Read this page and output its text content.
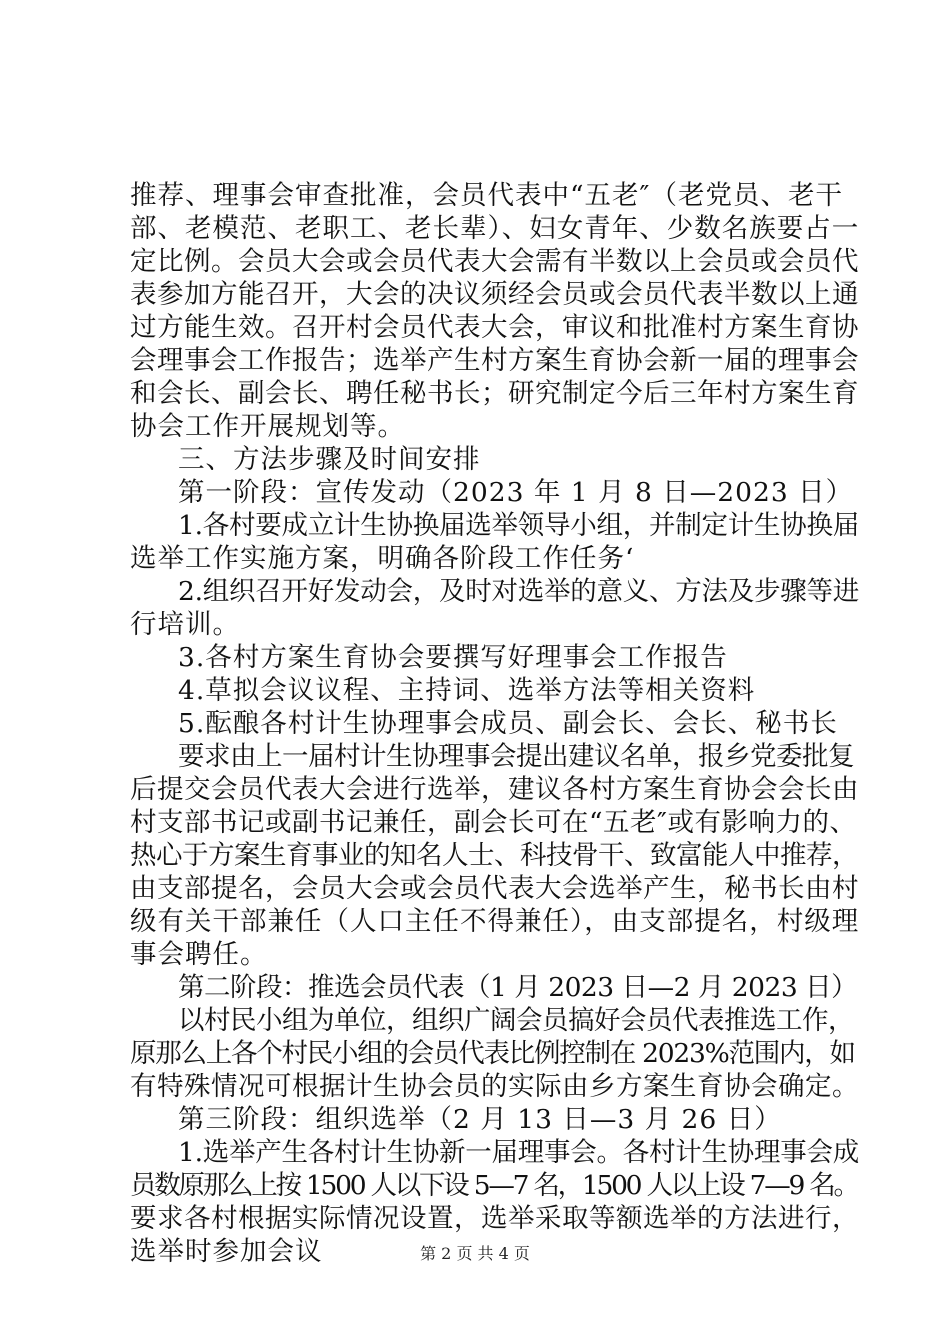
推荐、理事会审查批准，会员代表中“五老″（老党员、老干
部、老模范、老职工、老长辈）、妇女青年、少数名族要占一
定比例。会员大会或会员代表大会需有半数以上会员或会员代
表参加方能召开，大会的决议须经会员或会员代表半数以上通
过方能生效。召开村会员代表大会，审议和批准村方案生育协
会理事会工作报告；选举产生村方案生育协会新一届的理事会
和会长、副会长、聘任秘书长；研究制定今后三年村方案生育
协会工作开展规划等。
三、方法步骤及时间安排
第一阶段：宣传发动（2023 年 1 月 8 日—2023 日）
1.各村要成立计生协换届选举领导小组，并制定计生协换届
选举工作实施方案，明确各阶段工作任务‘
2.组织召开好发动会，及时对选举的意义、方法及步骤等进
行培训。
3.各村方案生育协会要撰写好理事会工作报告
4.草拟会议议程、主持词、选举方法等相关资料
5.酝酿各村计生协理事会成员、副会长、会长、秘书长
要求由上一届村计生协理事会提出建议名单，报乡党委批复
后提交会员代表大会进行选举，建议各村方案生育协会会长由
村支部书记或副书记兼任，副会长可在“五老″或有影响力的、
热心于方案生育事业的知名人士、科技骨干、致富能人中推荐，
由支部提名，会员大会或会员代表大会选举产生，秘书长由村
级有关干部兼任（人口主任不得兼任），由支部提名，村级理
事会聘任。
第二阶段：推选会员代表（1 月 2023 日—2 月 2023 日）
以村民小组为单位，组织广阔会员搞好会员代表推选工作，
原那么上各个村民小组的会员代表比例控制在 2023%范围内，如
有特殊情况可根据计生协会员的实际由乡方案生育协会确定。
第三阶段：组织选举（2 月 13 日—3 月 26 日）
1.选举产生各村计生协新一届理事会。各村计生协理事会成
员数原那么上按 1500 人以下设 5—7 名，1500 人以上设 7—9 名。
要求各村根据实际情况设置，选举采取等额选举的方法进行，
选举时参加会议	第 2 页 共 4 页
